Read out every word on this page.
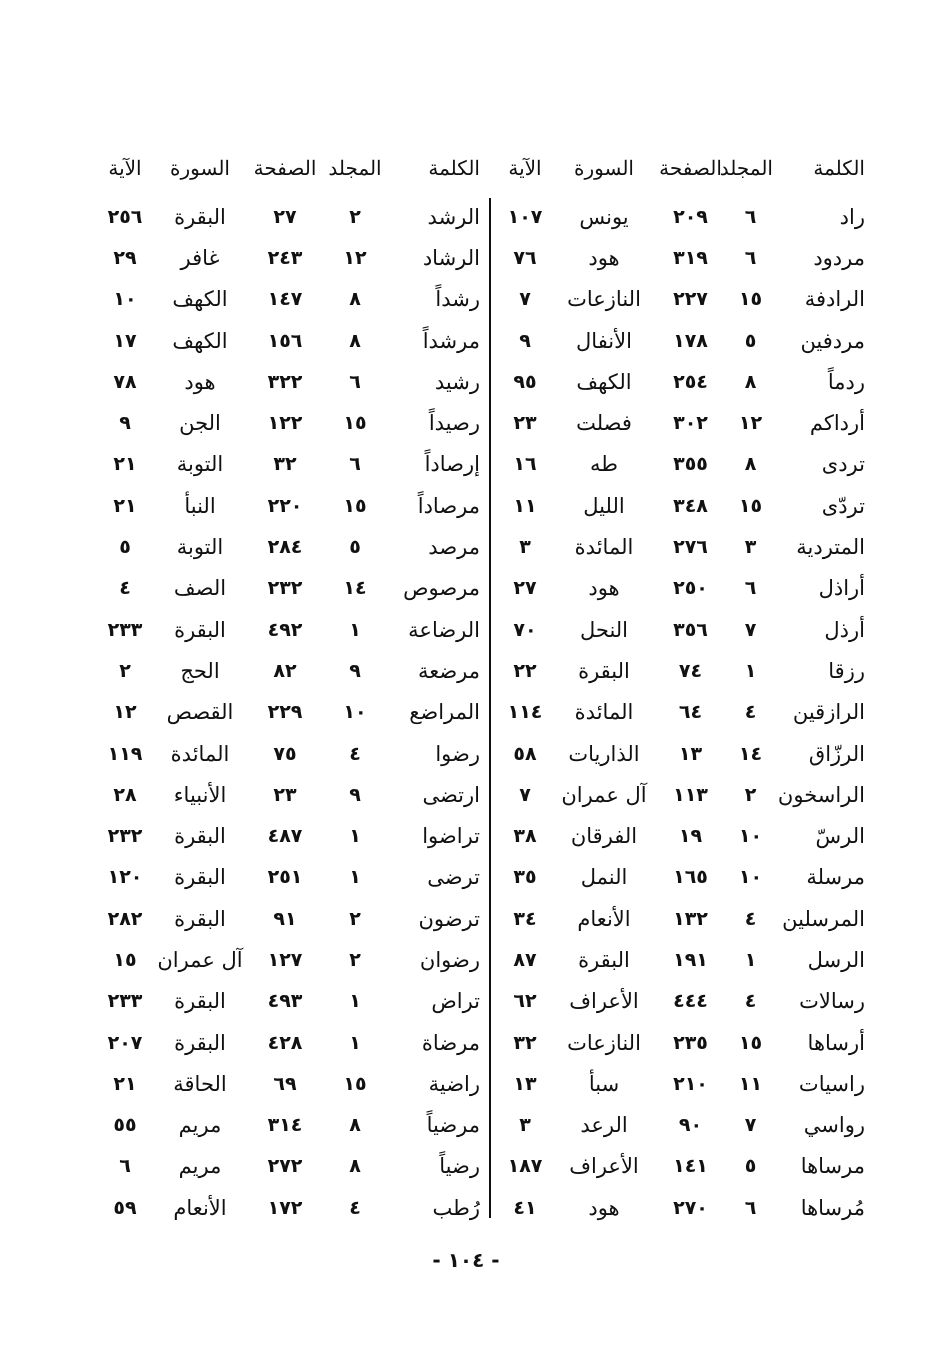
الكلمة
المجلد
الصفحة
السورة
الآية
راد
٦
٢٠٩
يونس
١٠٧
مردود
٦
٣١٩
هود
٧٦
الرادفة
١٥
٢٢٧
النازعات
٧
مردفين
٥
١٧٨
الأنفال
٩
ردماً
٨
٢٥٤
الكهف
٩٥
أرداكم
١٢
٣٠٢
فصلت
٢٣
تردى
٨
٣٥٥
طه
١٦
تردّى
١٥
٣٤٨
الليل
١١
المتردية
٣
٢٧٦
المائدة
٣
أراذل
٦
٢٥٠
هود
٢٧
أرذل
٧
٣٥٦
النحل
٧٠
رزقا
١
٧٤
البقرة
٢٢
الرازقين
٤
٦٤
المائدة
١١٤
الرزّاق
١٤
١٣
الذاريات
٥٨
الراسخون
٢
١١٣
آل عمران
٧
الرسّ
١٠
١٩
الفرقان
٣٨
مرسلة
١٠
١٦٥
النمل
٣٥
المرسلين
٤
١٣٢
الأنعام
٣٤
الرسل
١
١٩١
البقرة
٨٧
رسالات
٤
٤٤٤
الأعراف
٦٢
أرساها
١٥
٢٣٥
النازعات
٣٢
راسيات
١١
٢١٠
سبأ
١٣
رواسي
٧
٩٠
الرعد
٣
مرساها
٥
١٤١
الأعراف
١٨٧
مُرساها
٦
٢٧٠
هود
٤١
الكلمة
المجلد
الصفحة
السورة
الآية
الرشد
٢
٢٧
البقرة
٢٥٦
الرشاد
١٢
٢٤٣
غافر
٢٩
رشداً
٨
١٤٧
الكهف
١٠
مرشداً
٨
١٥٦
الكهف
١٧
رشيد
٦
٣٢٢
هود
٧٨
رصيداً
١٥
١٢٢
الجن
٩
إرصاداً
٦
٣٢
التوبة
٢١
مرصاداً
١٥
٢٢٠
النبأ
٢١
مرصد
٥
٢٨٤
التوبة
٥
مرصوص
١٤
٢٣٢
الصف
٤
الرضاعة
١
٤٩٢
البقرة
٢٣٣
مرضعة
٩
٨٢
الحج
٢
المراضع
١٠
٢٢٩
القصص
١٢
رضوا
٤
٧٥
المائدة
١١٩
ارتضى
٩
٢٣
الأنبياء
٢٨
تراضوا
١
٤٨٧
البقرة
٢٣٢
ترضى
١
٢٥١
البقرة
١٢٠
ترضون
٢
٩١
البقرة
٢٨٢
رضوان
٢
١٢٧
آل عمران
١٥
تراض
١
٤٩٣
البقرة
٢٣٣
مرضاة
١
٤٢٨
البقرة
٢٠٧
راضية
١٥
٦٩
الحاقة
٢١
مرضياً
٨
٣١٤
مريم
٥٥
رضياً
٨
٢٧٢
مريم
٦
رُطب
٤
١٧٢
الأنعام
٥٩
- ١٠٤ -
